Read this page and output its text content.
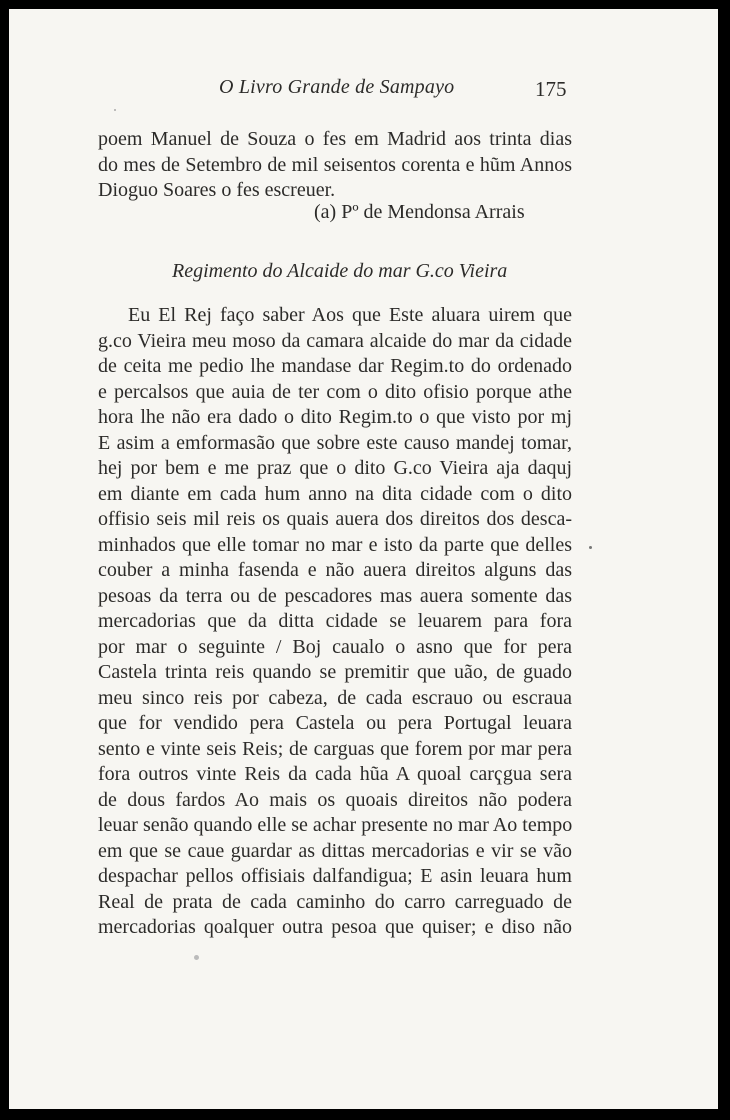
O Livro Grande de Sampayo	175
poem Manuel de Souza o fes em Madrid aos trinta dias
do mes de Setembro de mil seisentos corenta e hũm Annos
Dioguo Soares o fes escreuer.
(a) Pº de Mendonsa Arrais
Regimento do Alcaide do mar G.co Vieira
Eu El Rej faço saber Aos que Este aluara uirem que
g.co Vieira meu moso da camara alcaide do mar da cidade
de ceita me pedio lhe mandase dar Regim.to do ordenado
e percalsos que auia de ter com o dito ofisio porque athe
hora lhe não era dado o dito Regim.to o que visto por mj
E asim a emformasão que sobre este causo mandej tomar,
hej por bem e me praz que o dito G.co Vieira aja daquj
em diante em cada hum anno na dita cidade com o dito
offisio seis mil reis os quais auera dos direitos dos desca-
minhados que elle tomar no mar e isto da parte que delles
couber a minha fasenda e não auera direitos alguns das
pesoas da terra ou de pescadores mas auera somente das
mercadorias que da ditta cidade se leuarem para fora
por mar o seguinte / Boj caualo o asno que for pera
Castela trinta reis quando se premitir que uão, de guado
meu sinco reis por cabeza, de cada escrauo ou escraua
que for vendido pera Castela ou pera Portugal leuara
sento e vinte seis Reis; de carguas que forem por mar pera
fora outros vinte Reis da cada hũa A quoal carҁgua sera
de dous fardos Ao mais os quoais direitos não podera
leuar senão quando elle se achar presente no mar Ao tempo
em que se caue guardar as dittas mercadorias e vir se vão
despachar pellos offisiais dalfandigua; E asin leuara hum
Real de prata de cada caminho do carro carreguado de
mercadorias qoalquer outra pesoa que quiser; e diso não
